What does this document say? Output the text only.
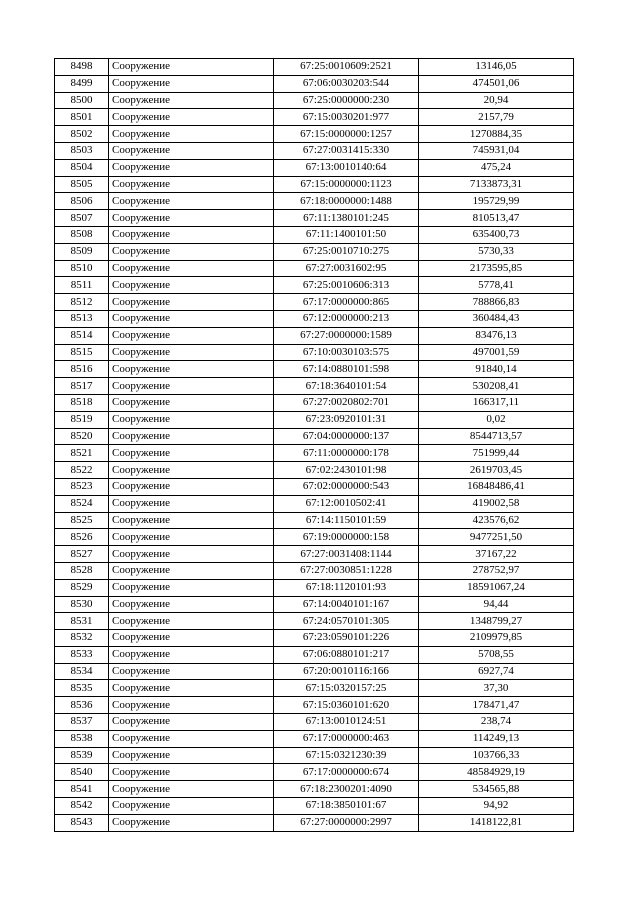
8498	Сооружение	67:25:0010609:2521	13146,05
8499	Сооружение	67:06:0030203:544	474501,06
8500	Сооружение	67:25:0000000:230	20,94
8501	Сооружение	67:15:0030201:977	2157,79
8502	Сооружение	67:15:0000000:1257	1270884,35
8503	Сооружение	67:27:0031415:330	745931,04
8504	Сооружение	67:13:0010140:64	475,24
8505	Сооружение	67:15:0000000:1123	7133873,31
8506	Сооружение	67:18:0000000:1488	195729,99
8507	Сооружение	67:11:1380101:245	810513,47
8508	Сооружение	67:11:1400101:50	635400,73
8509	Сооружение	67:25:0010710:275	5730,33
8510	Сооружение	67:27:0031602:95	2173595,85
8511	Сооружение	67:25:0010606:313	5778,41
8512	Сооружение	67:17:0000000:865	788866,83
8513	Сооружение	67:12:0000000:213	360484,43
8514	Сооружение	67:27:0000000:1589	83476,13
8515	Сооружение	67:10:0030103:575	497001,59
8516	Сооружение	67:14:0880101:598	91840,14
8517	Сооружение	67:18:3640101:54	530208,41
8518	Сооружение	67:27:0020802:701	166317,11
8519	Сооружение	67:23:0920101:31	0,02
8520	Сооружение	67:04:0000000:137	8544713,57
8521	Сооружение	67:11:0000000:178	751999,44
8522	Сооружение	67:02:2430101:98	2619703,45
8523	Сооружение	67:02:0000000:543	16848486,41
8524	Сооружение	67:12:0010502:41	419002,58
8525	Сооружение	67:14:1150101:59	423576,62
8526	Сооружение	67:19:0000000:158	9477251,50
8527	Сооружение	67:27:0031408:1144	37167,22
8528	Сооружение	67:27:0030851:1228	278752,97
8529	Сооружение	67:18:1120101:93	18591067,24
8530	Сооружение	67:14:0040101:167	94,44
8531	Сооружение	67:24:0570101:305	1348799,27
8532	Сооружение	67:23:0590101:226	2109979,85
8533	Сооружение	67:06:0880101:217	5708,55
8534	Сооружение	67:20:0010116:166	6927,74
8535	Сооружение	67:15:0320157:25	37,30
8536	Сооружение	67:15:0360101:620	178471,47
8537	Сооружение	67:13:0010124:51	238,74
8538	Сооружение	67:17:0000000:463	114249,13
8539	Сооружение	67:15:0321230:39	103766,33
8540	Сооружение	67:17:0000000:674	48584929,19
8541	Сооружение	67:18:2300201:4090	534565,88
8542	Сооружение	67:18:3850101:67	94,92
8543	Сооружение	67:27:0000000:2997	1418122,81
